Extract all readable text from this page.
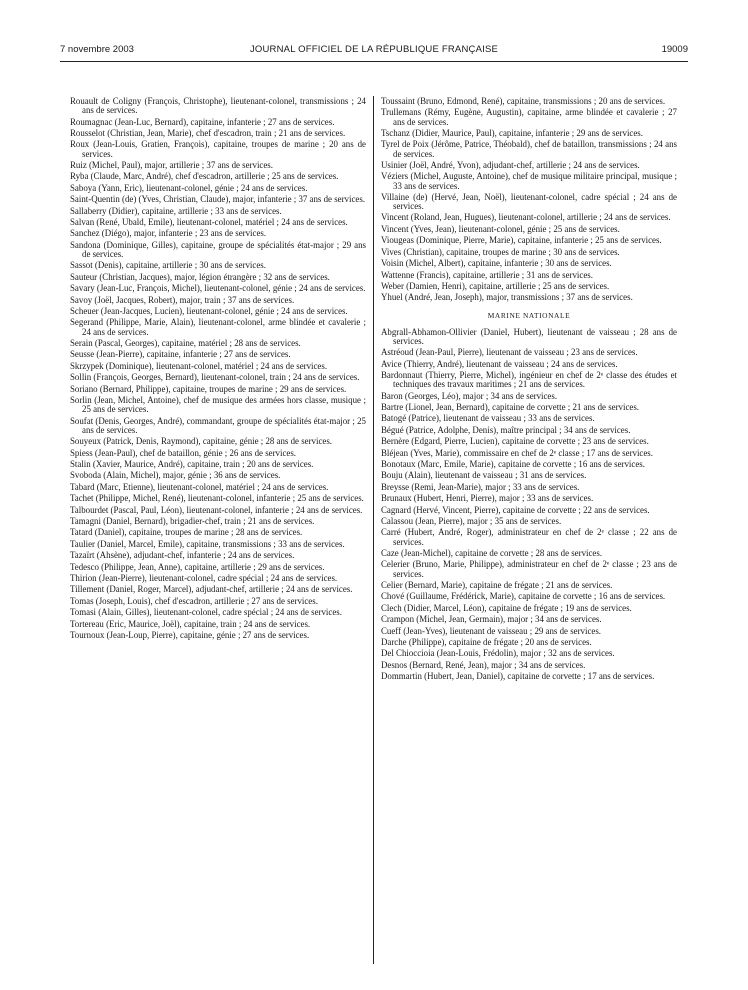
7 novembre 2003	JOURNAL OFFICIEL DE LA RÉPUBLIQUE FRANÇAISE	19009

Rouault de Coligny (François, Christophe), lieutenant-colonel, transmissions ; 24 ans de services.

Roumagnac (Jean-Luc, Bernard), capitaine, infanterie ; 27 ans de services.

Rousselot (Christian, Jean, Marie), chef d'escadron, train ; 21 ans de services.

Roux (Jean-Louis, Gratien, François), capitaine, troupes de marine ; 20 ans de services.

Ruiz (Michel, Paul), major, artillerie ; 37 ans de services.

Ryba (Claude, Marc, André), chef d'escadron, artillerie ; 25 ans de services.

Saboya (Yann, Eric), lieutenant-colonel, génie ; 24 ans de services.

Saint-Quentin (de) (Yves, Christian, Claude), major, infanterie ; 37 ans de services.

Sallaberry (Didier), capitaine, artillerie ; 33 ans de services.

Salvan (René, Ubald, Emile), lieutenant-colonel, matériel ; 24 ans de services.

Sanchez (Diégo), major, infanterie ; 23 ans de services.

Sandona (Dominique, Gilles), capitaine, groupe de spécialités état-major ; 29 ans de services.

Sassot (Denis), capitaine, artillerie ; 30 ans de services.

Sauteur (Christian, Jacques), major, légion étrangère ; 32 ans de services.

Savary (Jean-Luc, François, Michel), lieutenant-colonel, génie ; 24 ans de services.

Savoy (Joël, Jacques, Robert), major, train ; 37 ans de services.

Scheuer (Jean-Jacques, Lucien), lieutenant-colonel, génie ; 24 ans de services.

Segerand (Philippe, Marie, Alain), lieutenant-colonel, arme blindée et cavalerie ; 24 ans de services.

Serain (Pascal, Georges), capitaine, matériel ; 28 ans de services.

Seusse (Jean-Pierre), capitaine, infanterie ; 27 ans de services.

Skrzypek (Dominique), lieutenant-colonel, matériel ; 24 ans de services.

Sollin (François, Georges, Bernard), lieutenant-colonel, train ; 24 ans de services.

Soriano (Bernard, Philippe), capitaine, troupes de marine ; 29 ans de services.

Sorlin (Jean, Michel, Antoine), chef de musique des armées hors classe, musique ; 25 ans de services.

Soufat (Denis, Georges, André), commandant, groupe de spécialités état-major ; 25 ans de services.

Souyeux (Patrick, Denis, Raymond), capitaine, génie ; 28 ans de services.

Spiess (Jean-Paul), chef de bataillon, génie ; 26 ans de services.

Stalin (Xavier, Maurice, André), capitaine, train ; 20 ans de services.

Svoboda (Alain, Michel), major, génie ; 36 ans de services.

Tabard (Marc, Etienne), lieutenant-colonel, matériel ; 24 ans de services.

Tachet (Philippe, Michel, René), lieutenant-colonel, infanterie ; 25 ans de services.

Talbourdet (Pascal, Paul, Léon), lieutenant-colonel, infanterie ; 24 ans de services.

Tamagni (Daniel, Bernard), brigadier-chef, train ; 21 ans de services.

Tatard (Daniel), capitaine, troupes de marine ; 28 ans de services.

Taulier (Daniel, Marcel, Emile), capitaine, transmissions ; 33 ans de services.

Tazaïrt (Ahsène), adjudant-chef, infanterie ; 24 ans de services.

Tedesco (Philippe, Jean, Anne), capitaine, artillerie ; 29 ans de services.

Thirion (Jean-Pierre), lieutenant-colonel, cadre spécial ; 24 ans de services.

Tillement (Daniel, Roger, Marcel), adjudant-chef, artillerie ; 24 ans de services.

Tomas (Joseph, Louis), chef d'escadron, artillerie ; 27 ans de services.

Tomasi (Alain, Gilles), lieutenant-colonel, cadre spécial ; 24 ans de services.

Tortereau (Eric, Maurice, Joël), capitaine, train ; 24 ans de services.

Tournoux (Jean-Loup, Pierre), capitaine, génie ; 27 ans de services.

Toussaint (Bruno, Edmond, René), capitaine, transmissions ; 20 ans de services.

Trullemans (Rémy, Eugène, Augustin), capitaine, arme blindée et cavalerie ; 27 ans de services.

Tschanz (Didier, Maurice, Paul), capitaine, infanterie ; 29 ans de services.

Tyrel de Poix (Jérôme, Patrice, Théobald), chef de bataillon, transmissions ; 24 ans de services.

Usinier (Joël, André, Yvon), adjudant-chef, artillerie ; 24 ans de services.

Véziers (Michel, Auguste, Antoine), chef de musique militaire principal, musique ; 33 ans de services.

Villaine (de) (Hervé, Jean, Noël), lieutenant-colonel, cadre spécial ; 24 ans de services.

Vincent (Roland, Jean, Hugues), lieutenant-colonel, artillerie ; 24 ans de services.

Vincent (Yves, Jean), lieutenant-colonel, génie ; 25 ans de services.

Viougeas (Dominique, Pierre, Marie), capitaine, infanterie ; 25 ans de services.

Vives (Christian), capitaine, troupes de marine ; 30 ans de services.

Voisin (Michel, Albert), capitaine, infanterie ; 30 ans de services.

Wattenne (Francis), capitaine, artillerie ; 31 ans de services.

Weber (Damien, Henri), capitaine, artillerie ; 25 ans de services.

Yhuel (André, Jean, Joseph), major, transmissions ; 37 ans de services.

MARINE NATIONALE

Abgrall-Abhamon-Ollivier (Daniel, Hubert), lieutenant de vaisseau ; 28 ans de services.

Astréoud (Jean-Paul, Pierre), lieutenant de vaisseau ; 23 ans de services.

Avice (Thierry, André), lieutenant de vaisseau ; 24 ans de services.

Bardonnaut (Thierry, Pierre, Michel), ingénieur en chef de 2ᵉ classe des études et techniques des travaux maritimes ; 21 ans de services.

Baron (Georges, Léo), major ; 34 ans de services.

Bartre (Lionel, Jean, Bernard), capitaine de corvette ; 21 ans de services.

Batogé (Patrice), lieutenant de vaisseau ; 33 ans de services.

Bégué (Patrice, Adolphe, Denis), maître principal ; 34 ans de services.

Bernère (Edgard, Pierre, Lucien), capitaine de corvette ; 23 ans de services.

Bléjean (Yves, Marie), commissaire en chef de 2ᵉ classe ; 17 ans de services.

Bonotaux (Marc, Emile, Marie), capitaine de corvette ; 16 ans de services.

Bouju (Alain), lieutenant de vaisseau ; 31 ans de services.

Breysse (Remi, Jean-Marie), major ; 33 ans de services.

Brunaux (Hubert, Henri, Pierre), major ; 33 ans de services.

Cagnard (Hervé, Vincent, Pierre), capitaine de corvette ; 22 ans de services.

Calassou (Jean, Pierre), major ; 35 ans de services.

Carré (Hubert, André, Roger), administrateur en chef de 2ᵉ classe ; 22 ans de services.

Caze (Jean-Michel), capitaine de corvette ; 28 ans de services.

Celerier (Bruno, Marie, Philippe), administrateur en chef de 2ᵉ classe ; 23 ans de services.

Celier (Bernard, Marie), capitaine de frégate ; 21 ans de services.

Chové (Guillaume, Frédérick, Marie), capitaine de corvette ; 16 ans de services.

Clech (Didier, Marcel, Léon), capitaine de frégate ; 19 ans de services.

Crampon (Michel, Jean, Germain), major ; 34 ans de services.

Cueff (Jean-Yves), lieutenant de vaisseau ; 29 ans de services.

Darche (Philippe), capitaine de frégate ; 20 ans de services.

Del Chioccioia (Jean-Louis, Frédolin), major ; 32 ans de services.

Desnos (Bernard, René, Jean), major ; 34 ans de services.

Dommartin (Hubert, Jean, Daniel), capitaine de corvette ; 17 ans de services.
